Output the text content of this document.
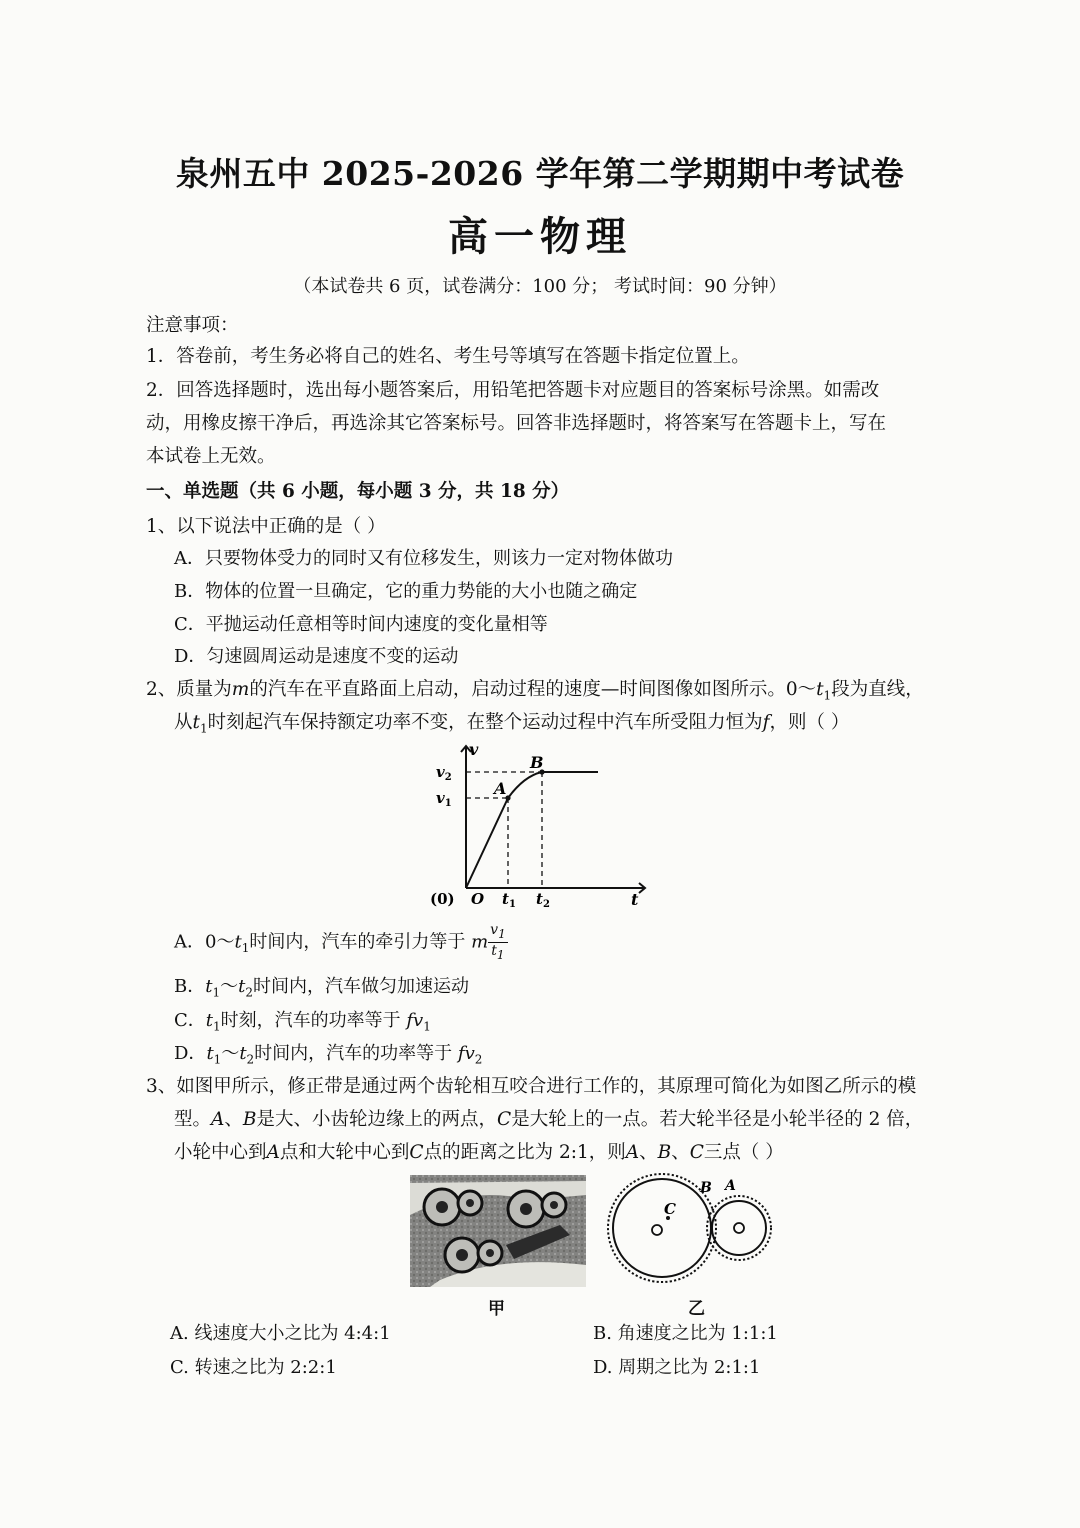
泉州五中 2025-2026 学年第二学期期中考试卷
高一物理
（本试卷共 6 页，试卷满分：100 分； 考试时间：90 分钟）
注意事项：
1．答卷前，考生务必将自己的姓名、考生号等填写在答题卡指定位置上。
2．回答选择题时，选出每小题答案后，用铅笔把答题卡对应题目的答案标号涂黑。如需改
动，用橡皮擦干净后，再选涂其它答案标号。回答非选择题时，将答案写在答题卡上，写在
本试卷上无效。
一、单选题（共 6 小题，每小题 3 分，共 18 分）
1、以下说法中正确的是（ ）
A．只要物体受力的同时又有位移发生，则该力一定对物体做功
B．物体的位置一旦确定，它的重力势能的大小也随之确定
C．平抛运动任意相等时间内速度的变化量相等
D．匀速圆周运动是速度不变的运动
2、质量为m的汽车在平直路面上启动，启动过程的速度—时间图像如图所示。$0\sim t_1$段为直线，
从$t_1$时刻起汽车保持额定功率不变，在整个运动过程中汽车所受阻力恒为f，则（ ）
v
t
$v_2$
$v_1$
A
B
(0) O $t_1$ $t_2$
A．$0\sim t_1$时间内，汽车的牵引力等于 m $\frac{v_1}{t_1}$
B．$t_1\sim t_2$时间内，汽车做匀加速运动
C．$t_1$时刻，汽车的功率等于 $fv_1$
D．$t_1\sim t_2$时间内，汽车的功率等于 $fv_2$
3、如图甲所示，修正带是通过两个齿轮相互咬合进行工作的，其原理可简化为如图乙所示的模
型。A、B是大、小齿轮边缘上的两点，C是大轮上的一点。若大轮半径是小轮半径的 2 倍，
小轮中心到A点和大轮中心到C点的距离之比为 2:1，则A、B、C三点（ ）
C
B A
甲	乙
A. 线速度大小之比为 4:4:1	B. 角速度之比为 1:1:1
C. 转速之比为 2:2:1	D. 周期之比为 2:1:1
